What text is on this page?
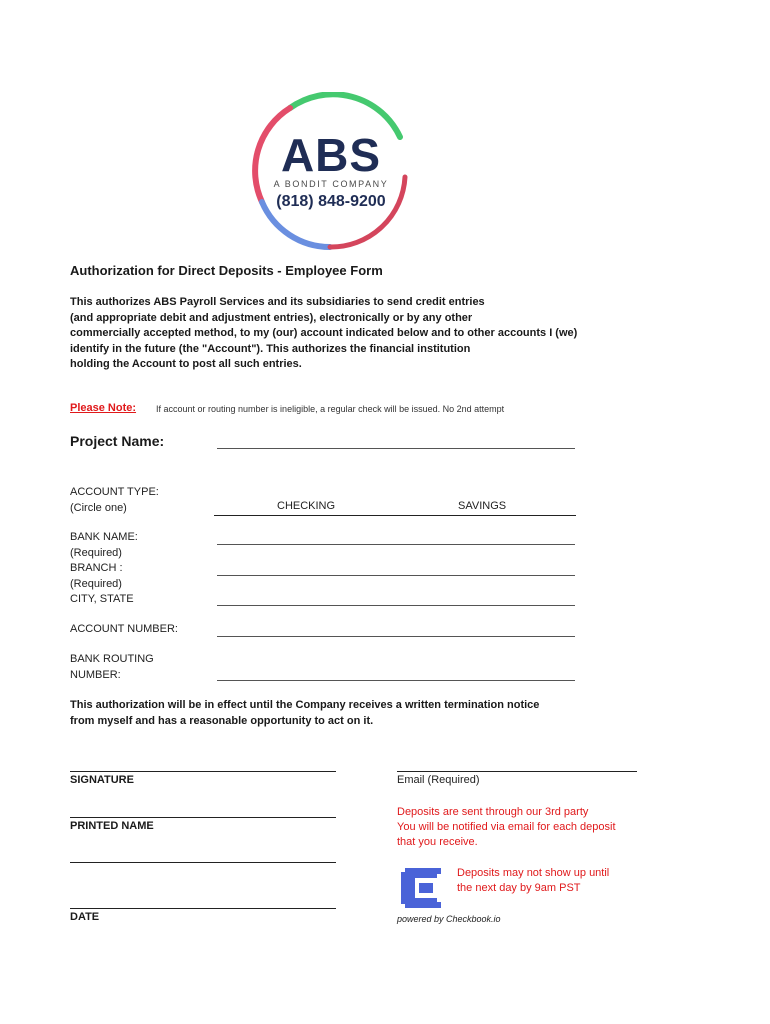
ABS
A BONDIT COMPANY
(818) 848-9200
Authorization for Direct Deposits - Employee Form
This authorizes ABS Payroll Services and its subsidiaries to send credit entries
(and appropriate debit and adjustment entries), electronically or by any other
commercially accepted method, to my (our) account indicated below and to other accounts I (we)
identify in the future (the "Account"). This authorizes the financial institution
holding the Account to post all such entries.
Please Note: If account or routing number is ineligible, a regular check will be issued. No 2nd attempt
Project Name:
ACCOUNT TYPE:
(Circle one)	CHECKING	SAVINGS
BANK NAME:
(Required)
BRANCH :
(Required)
CITY, STATE
ACCOUNT NUMBER:
BANK ROUTING
NUMBER:
This authorization will be in effect until the Company receives a written termination notice
from myself and has a reasonable opportunity to act on it.
SIGNATURE	Email (Required)
PRINTED NAME
DATE
Deposits are sent through our 3rd party
You will be notified via email for each deposit
that you receive.
Deposits may not show up until
the next day by 9am PST
powered by Checkbook.io
